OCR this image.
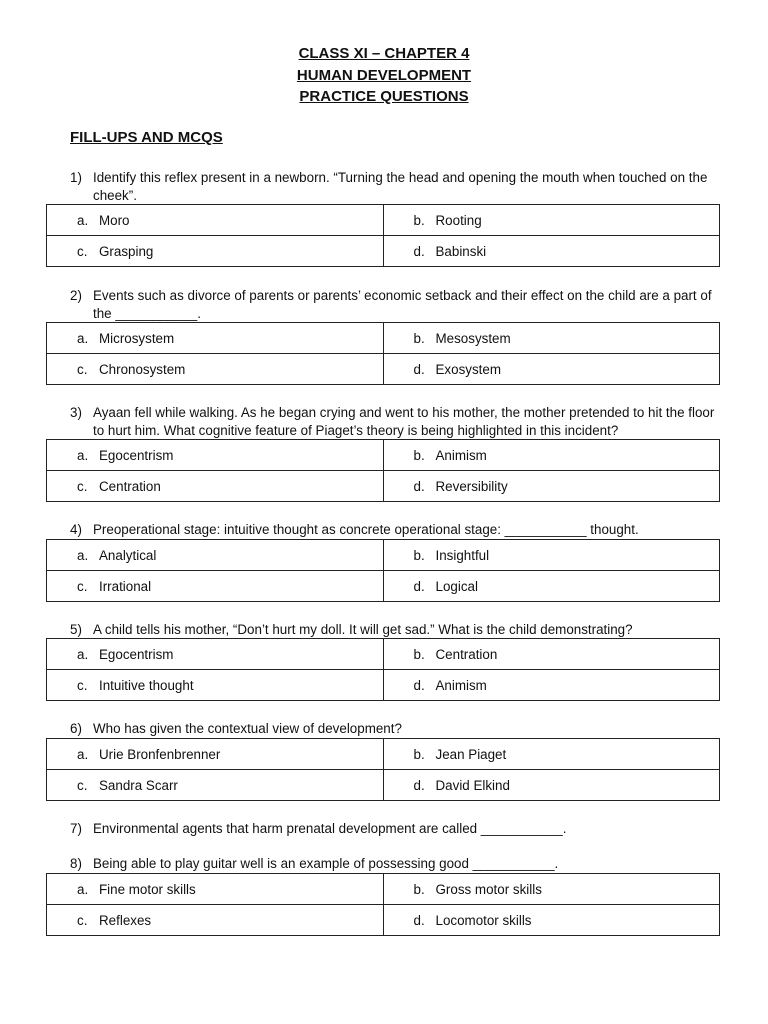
CLASS XI – CHAPTER 4
HUMAN DEVELOPMENT
PRACTICE QUESTIONS
FILL-UPS AND MCQS
1) Identify this reflex present in a newborn. “Turning the head and opening the mouth when touched on the cheek”.
a. Moro	b. Rooting

c. Grasping	d. Babinski
2) Events such as divorce of parents or parents’ economic setback and their effect on the child are a part of the ___________.
a. Microsystem	b. Mesosystem

c. Chronosystem	d. Exosystem
3) Ayaan fell while walking. As he began crying and went to his mother, the mother pretended to hit the floor to hurt him. What cognitive feature of Piaget’s theory is being highlighted in this incident?
a. Egocentrism	b. Animism

c. Centration	d. Reversibility
4) Preoperational stage: intuitive thought as concrete operational stage: ___________ thought.
a. Analytical	b. Insightful

c. Irrational	d. Logical
5) A child tells his mother, “Don’t hurt my doll. It will get sad.” What is the child demonstrating?
a. Egocentrism	b. Centration

c. Intuitive thought	d. Animism
6) Who has given the contextual view of development?
a. Urie Bronfenbrenner	b. Jean Piaget

c. Sandra Scarr	d. David Elkind
7) Environmental agents that harm prenatal development are called ___________.
8) Being able to play guitar well is an example of possessing good ___________.
a. Fine motor skills	b. Gross motor skills

c. Reflexes	d. Locomotor skills
